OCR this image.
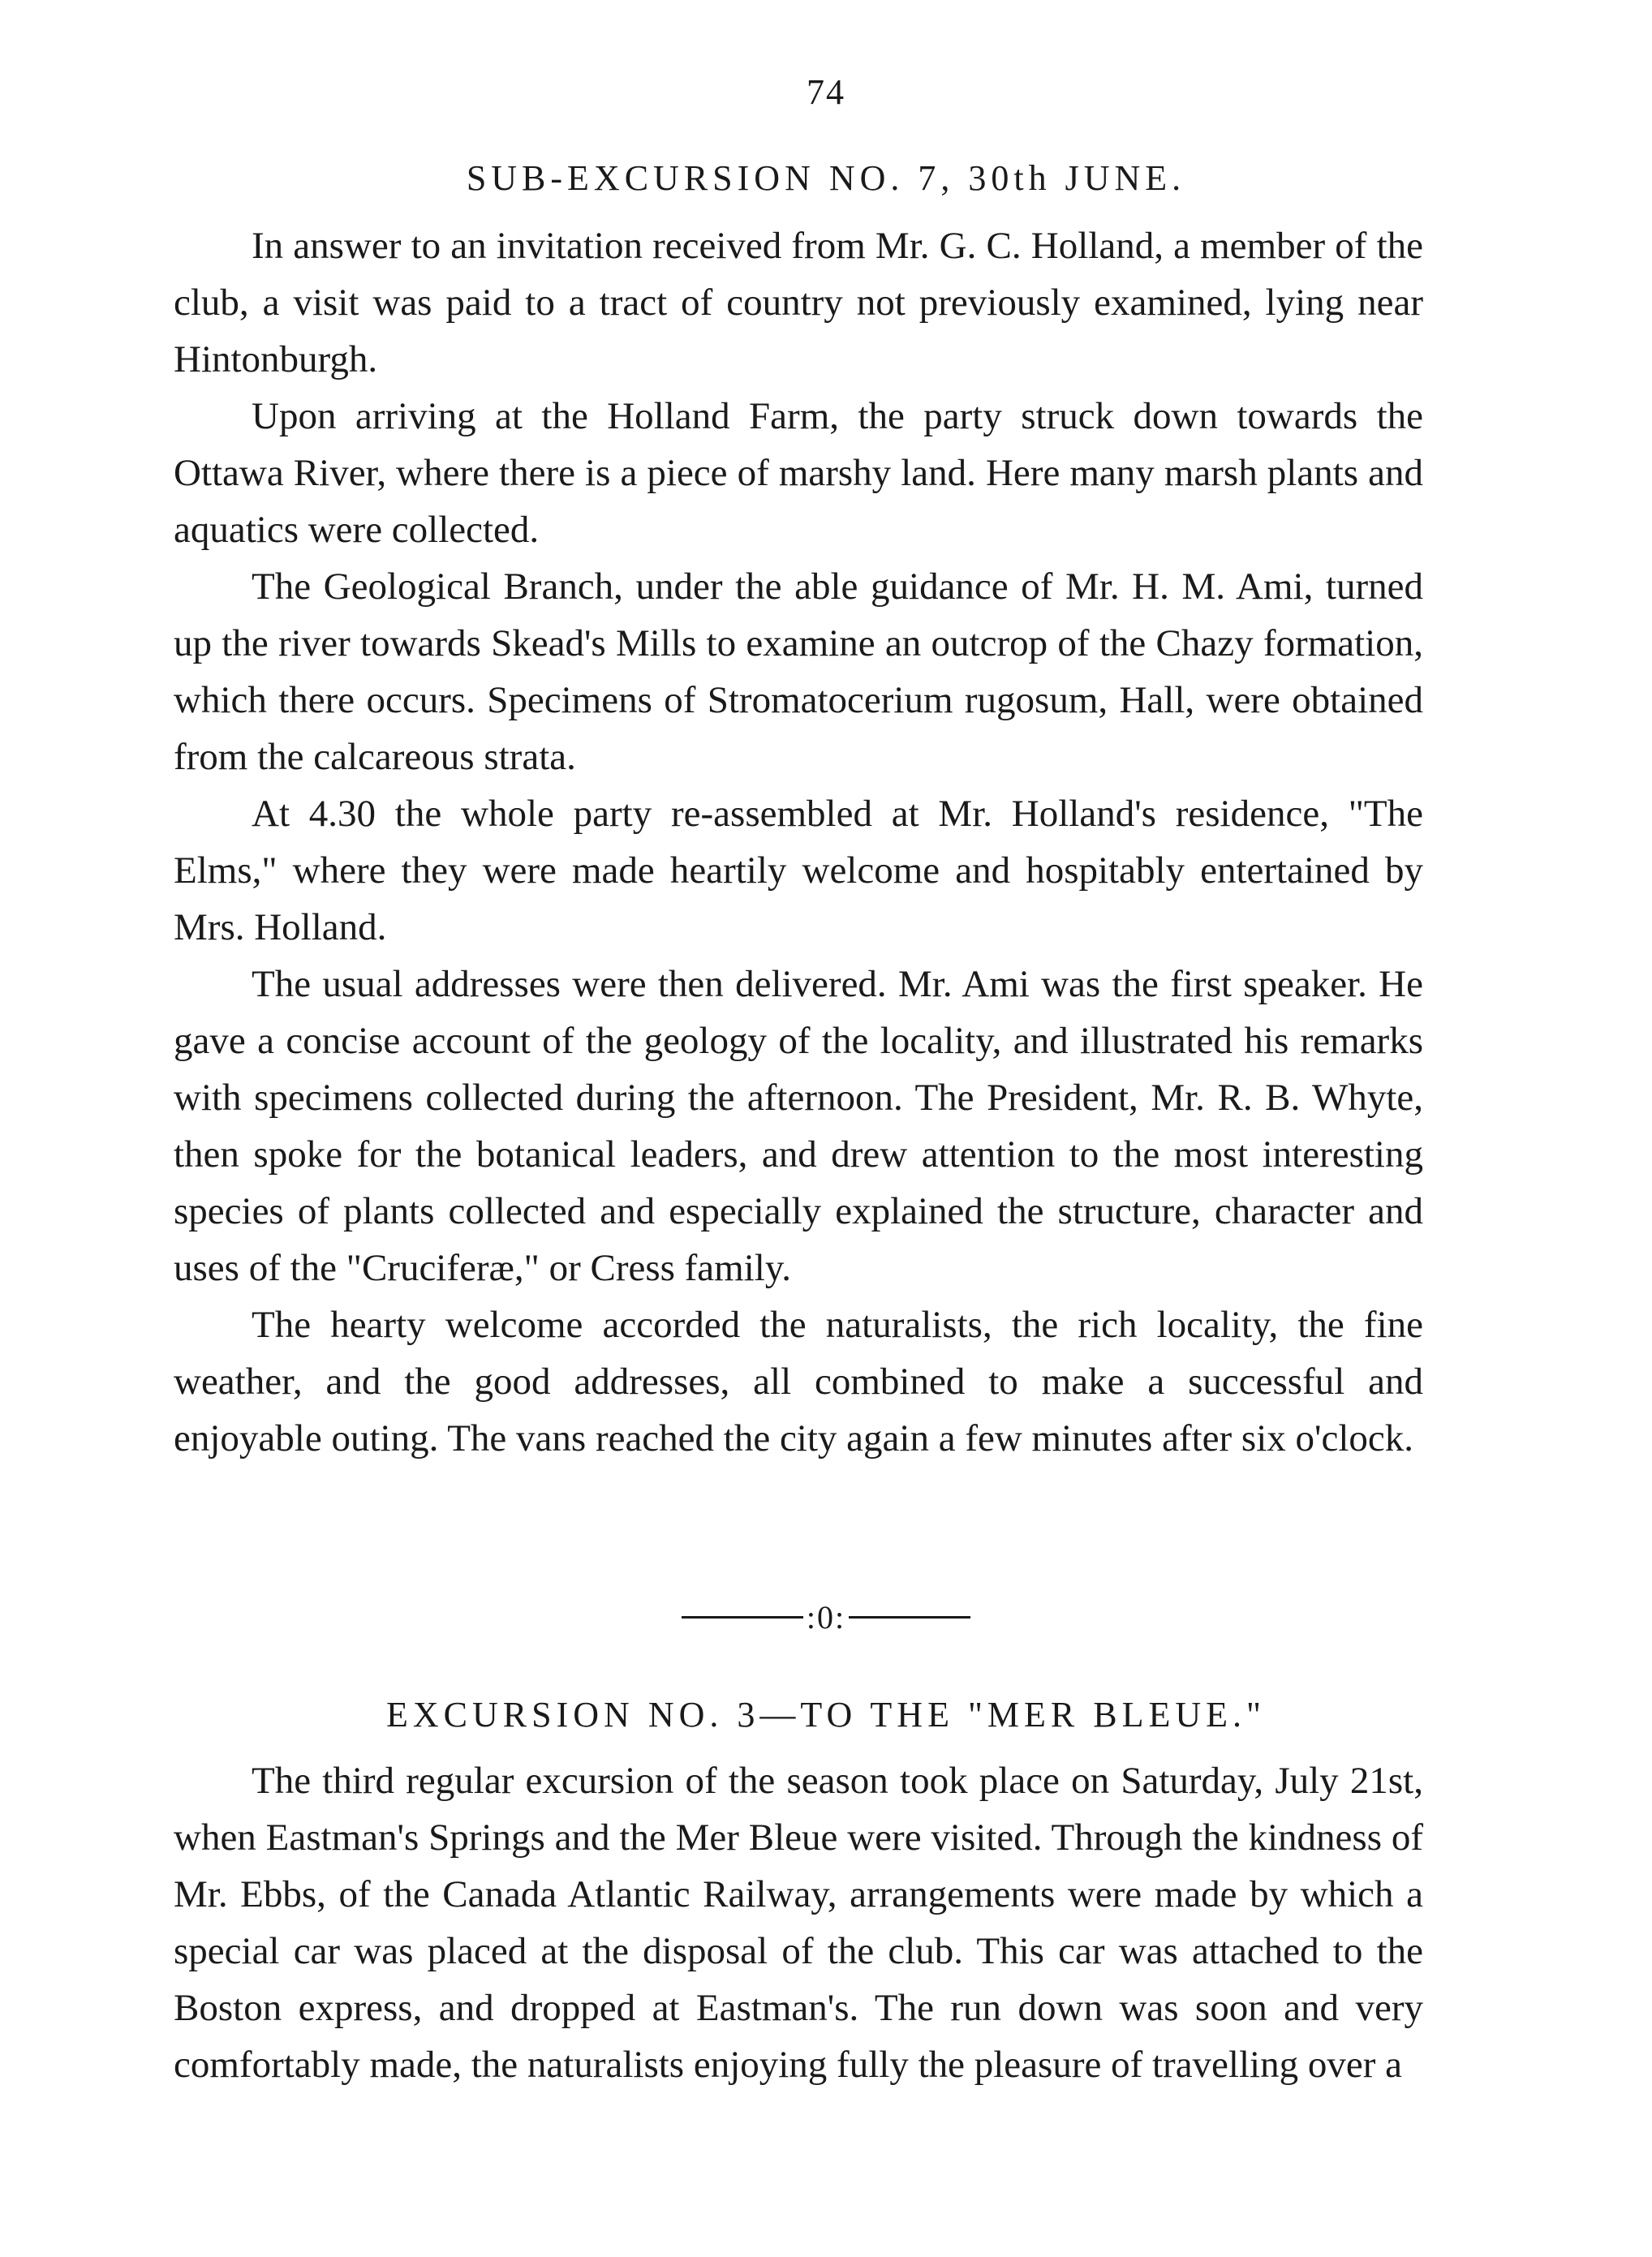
74
SUB-EXCURSION NO. 7, 30th JUNE.

In answer to an invitation received from Mr. G. C. Holland, a member of the club, a visit was paid to a tract of country not previously examined, lying near Hintonburgh.

Upon arriving at the Holland Farm, the party struck down towards the Ottawa River, where there is a piece of marshy land. Here many marsh plants and aquatics were collected.

The Geological Branch, under the able guidance of Mr. H. M. Ami, turned up the river towards Skead's Mills to examine an outcrop of the Chazy formation, which there occurs. Specimens of Stromatocerium rugosum, Hall, were obtained from the calcareous strata.

At 4.30 the whole party re-assembled at Mr. Holland's residence, "The Elms," where they were made heartily welcome and hospitably entertained by Mrs. Holland.

The usual addresses were then delivered. Mr. Ami was the first speaker. He gave a concise account of the geology of the locality, and illustrated his remarks with specimens collected during the afternoon. The President, Mr. R. B. Whyte, then spoke for the botanical leaders, and drew attention to the most interesting species of plants collected and especially explained the structure, character and uses of the "Cruciferæ," or Cress family.

The hearty welcome accorded the naturalists, the rich locality, the fine weather, and the good addresses, all combined to make a successful and enjoyable outing. The vans reached the city again a few minutes after six o'clock.

:0:
EXCURSION NO. 3—TO THE "MER BLEUE."

The third regular excursion of the season took place on Saturday, July 21st, when Eastman's Springs and the Mer Bleue were visited. Through the kindness of Mr. Ebbs, of the Canada Atlantic Railway, arrangements were made by which a special car was placed at the disposal of the club. This car was attached to the Boston express, and dropped at Eastman's. The run down was soon and very comfortably made, the naturalists enjoying fully the pleasure of travelling over a
